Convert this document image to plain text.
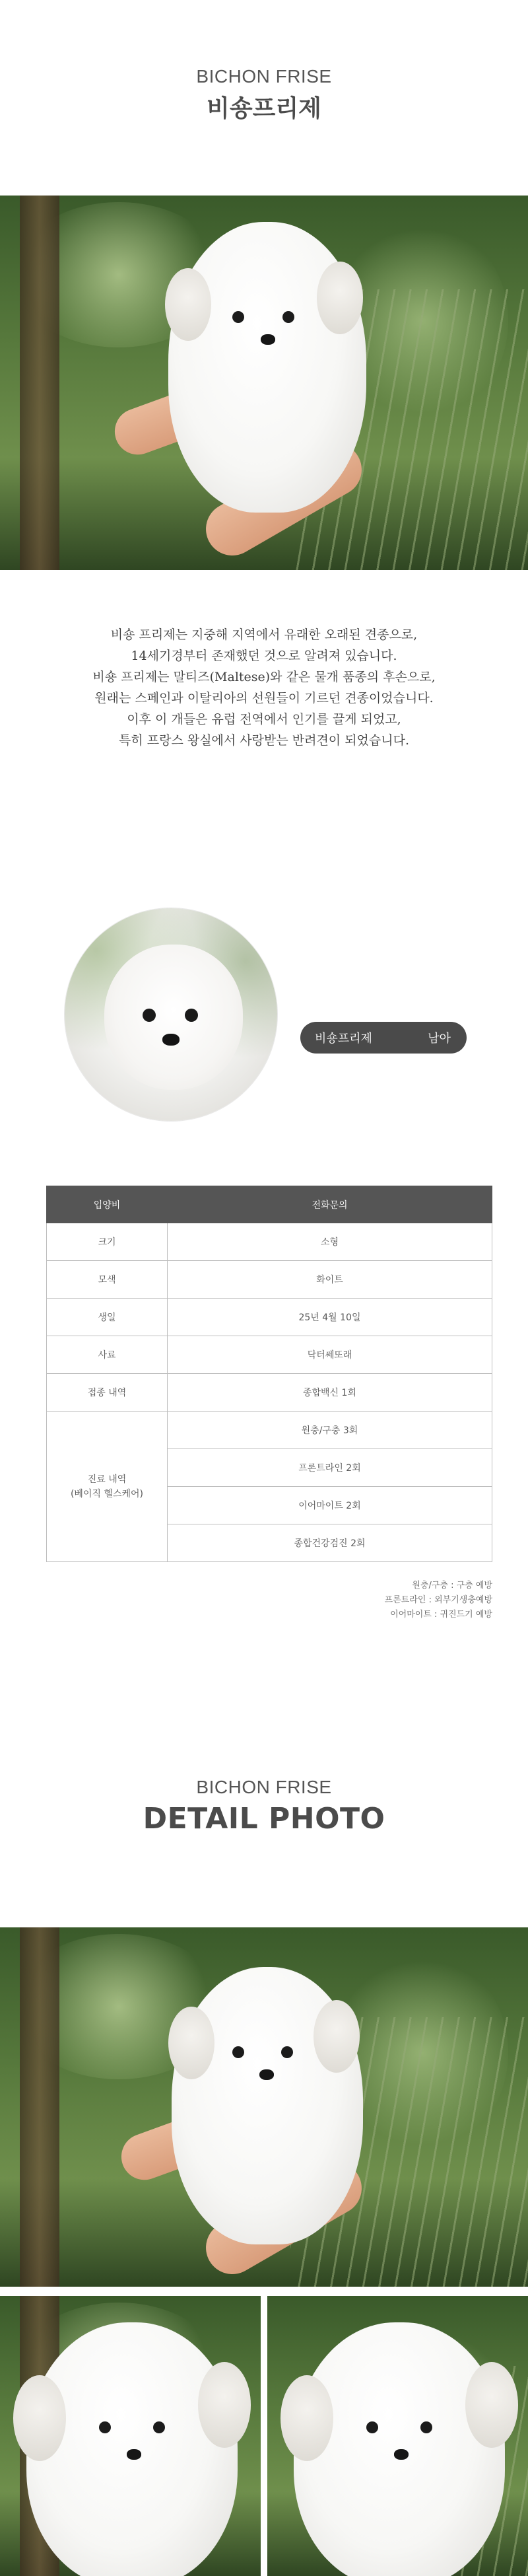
BICHON FRISE
비숑프리제

비숑 프리제는 지중해 지역에서 유래한 오래된 견종으로,

14세기경부터 존재했던 것으로 알려져 있습니다.

비숑 프리제는 말티즈(Maltese)와 같은 물개 품종의 후손으로,

원래는 스페인과 이탈리아의 선원들이 기르던 견종이었습니다.

이후 이 개들은 유럽 전역에서 인기를 끌게 되었고,

특히 프랑스 왕실에서 사랑받는 반려견이 되었습니다.

비숑프리제	남아
입양비	전화문의
크기	소형
모색	화이트
생일	25년 4월 10일
사료	닥터쎄또래
접종 내역	종합백신 1회

진료 내역
(베이직 헬스케어)	원충/구충 3회
	프론트라인 2회
	이어마이트 2회
	종합건강검진 2회
원충/구충 : 구충 예방
프론트라인 : 외부기생충예방
이어마이트 : 귀진드기 예방
BICHON FRISE
DETAIL PHOTO
